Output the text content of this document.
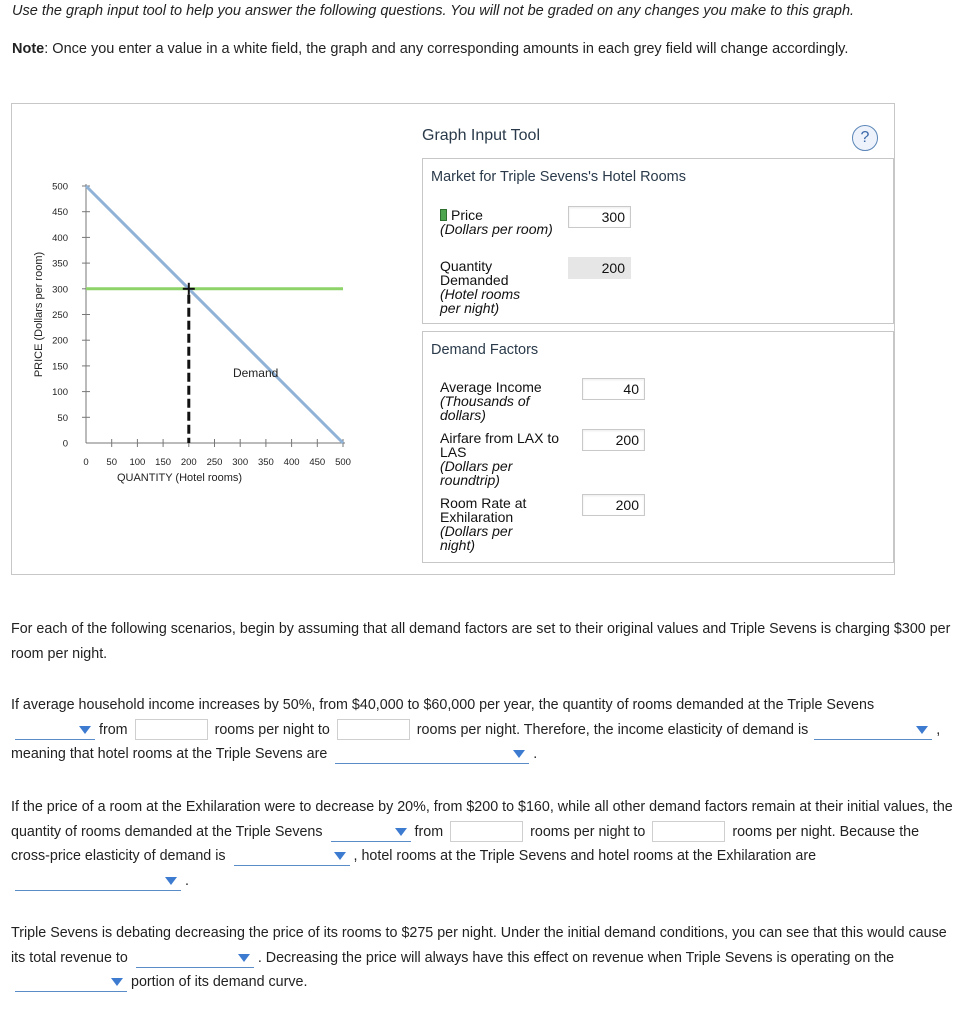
Use the graph input tool to help you answer the following questions. You will not be graded on any changes you make to this graph.
Note: Once you enter a value in a white field, the graph and any corresponding amounts in each grey field will change accordingly.
0 50 100 150 200 250 300 350 400 450 500
0
50
100
150
200
250
300
350
400
450
500
QUANTITY (Hotel rooms)
PRICE (Dollars per room)	Demand
Graph Input Tool	?
Market for Triple Sevens's Hotel Rooms
Price
(Dollars per room)
300
Quantity Demanded
(Hotel rooms per night)
200
Demand Factors
Average Income
(Thousands of dollars)
40
Airfare from LAX to LAS
(Dollars per roundtrip)
200
Room Rate at Exhilaration
(Dollars per night)
200
For each of the following scenarios, begin by assuming that all demand factors are set to their original values and Triple Sevens is charging $300 per room per night.
If average household income increases by 50%, from $40,000 to $60,000 per year, the quantity of rooms demanded at the Triple Sevens
from	rooms per night to	rooms per night. Therefore, the income elasticity of demand is	, meaning that hotel rooms at the Triple Sevens are	.
If the price of a room at the Exhilaration were to decrease by 20%, from $200 to $160, while all other demand factors remain at their initial values, the quantity of rooms demanded at the Triple Sevens	from	rooms per night to	rooms per night. Because the cross-price elasticity of demand is	, hotel rooms at the Triple Sevens and hotel rooms at the Exhilaration are
.
Triple Sevens is debating decreasing the price of its rooms to $275 per night. Under the initial demand conditions, you can see that this would cause its total revenue to	. Decreasing the price will always have this effect on revenue when Triple Sevens is operating on the
portion of its demand curve.
